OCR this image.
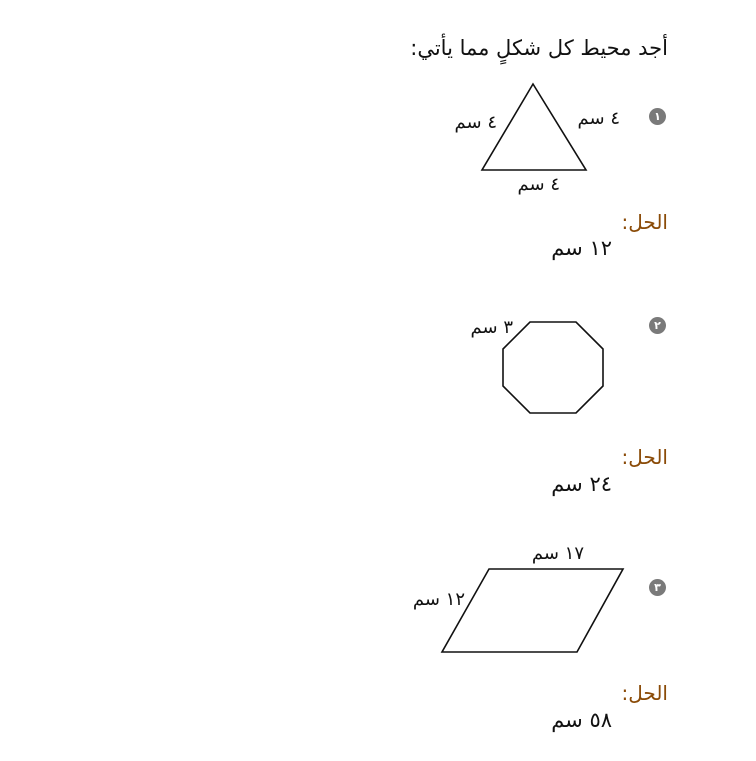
أجد محيط كل شكلٍ مما يأتي:
١
٤ سم	٤ سم
٤ سم
الحل:
١٢ سم
٢
٣ سم
الحل:
٢٤ سم
٣
١٧ سم
١٢ سم
الحل:
٥٨ سم
